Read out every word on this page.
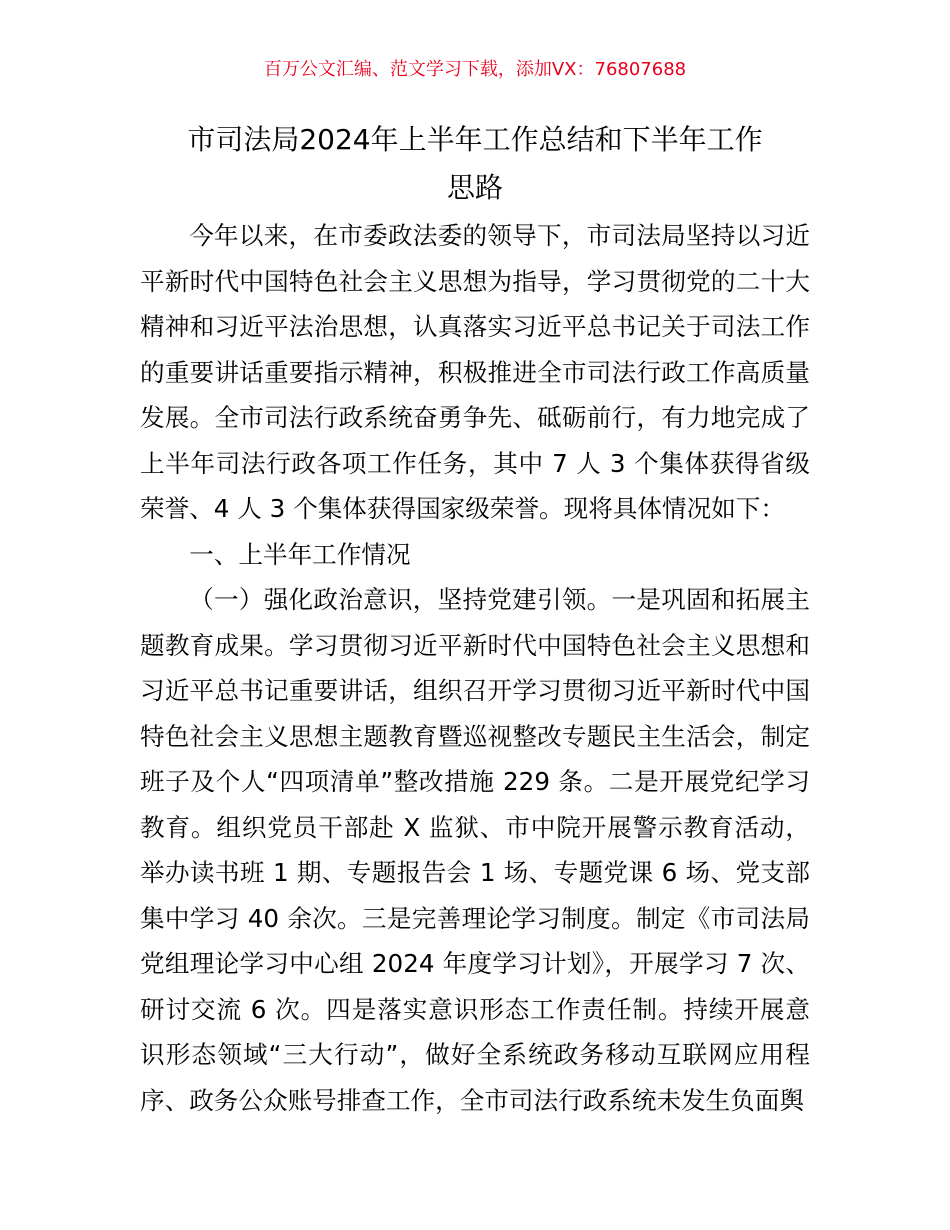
百万公文汇编、范文学习下载，添加VX：76807688
市司法局2024年上半年工作总结和下半年工作
思路

今年以来，在市委政法委的领导下，市司法局坚持以习近平新时代中国特色社会主义思想为指导，学习贯彻党的二十大精神和习近平法治思想，认真落实习近平总书记关于司法工作的重要讲话重要指示精神，积极推进全市司法行政工作高质量发展。全市司法行政系统奋勇争先、砥砺前行，有力地完成了上半年司法行政各项工作任务，其中 7 人 3 个集体获得省级荣誉、4 人 3 个集体获得国家级荣誉。现将具体情况如下：

一、上半年工作情况

（一）强化政治意识，坚持党建引领。一是巩固和拓展主题教育成果。学习贯彻习近平新时代中国特色社会主义思想和习近平总书记重要讲话，组织召开学习贯彻习近平新时代中国特色社会主义思想主题教育暨巡视整改专题民主生活会，制定班子及个人“四项清单”整改措施 229 条。二是开展党纪学习教育。组织党员干部赴 X 监狱、市中院开展警示教育活动，举办读书班 1 期、专题报告会 1 场、专题党课 6 场、党支部集中学习 40 余次。三是完善理论学习制度。制定《市司法局党组理论学习中心组 2024 年度学习计划》，开展学习 7 次、研讨交流 6 次。四是落实意识形态工作责任制。持续开展意识形态领域“三大行动”，做好全系统政务移动互联网应用程序、政务公众账号排查工作，全市司法行政系统未发生负面舆
